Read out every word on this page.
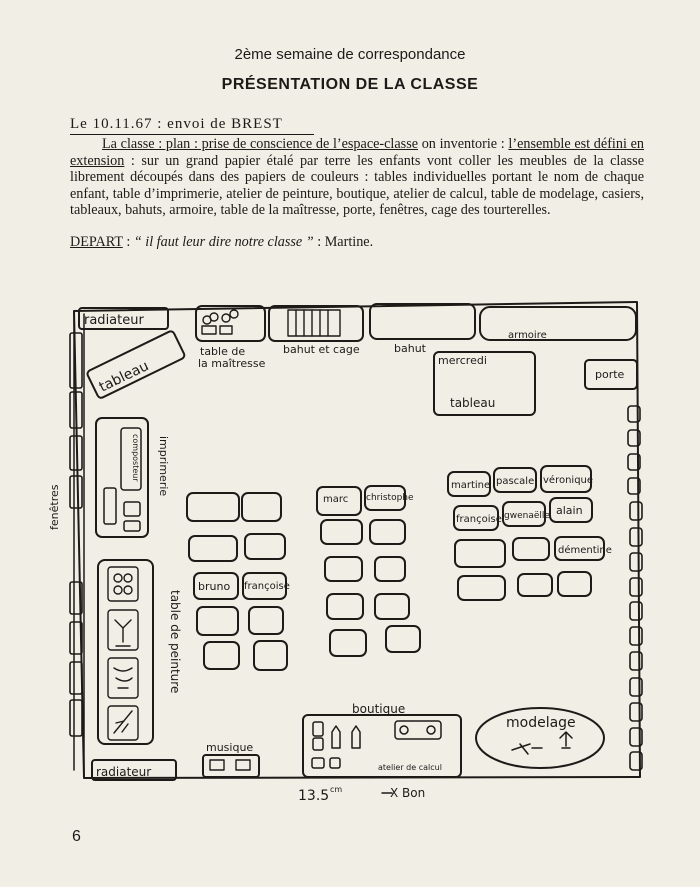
2ème semaine de correspondance
PRÉSENTATION DE LA CLASSE
Le 10.11.67 : envoi de BREST

La classe : plan : prise de conscience de l’espace-classe on inventorie : l’ensemble est défini en extension : sur un grand papier étalé par terre les enfants vont coller les meubles de la classe librement découpés dans des papiers de couleurs : tables individuelles portant le nom de chaque enfant, table d’imprimerie, atelier de peinture, boutique, atelier de calcul, table de modelage, casiers, tableaux, bahuts, armoire, table de la maîtresse, porte, fenêtres, cage des tourterelles.

DEPART : “ il faut leur dire notre classe ” : Martine.
radiateur
table de
la maîtresse
bahut et cage	bahut
armoire
mercredi
tableau
porte
tableau
imprimerie
composteur
fenêtres
table de peinture
radiateur
marc christophe
martine pascale véronique
françoise gwenaëlle alain
démentine
bruno françoise
boutique
modelage
musique
atelier de calcul
13.5 cm	X Bon
6
